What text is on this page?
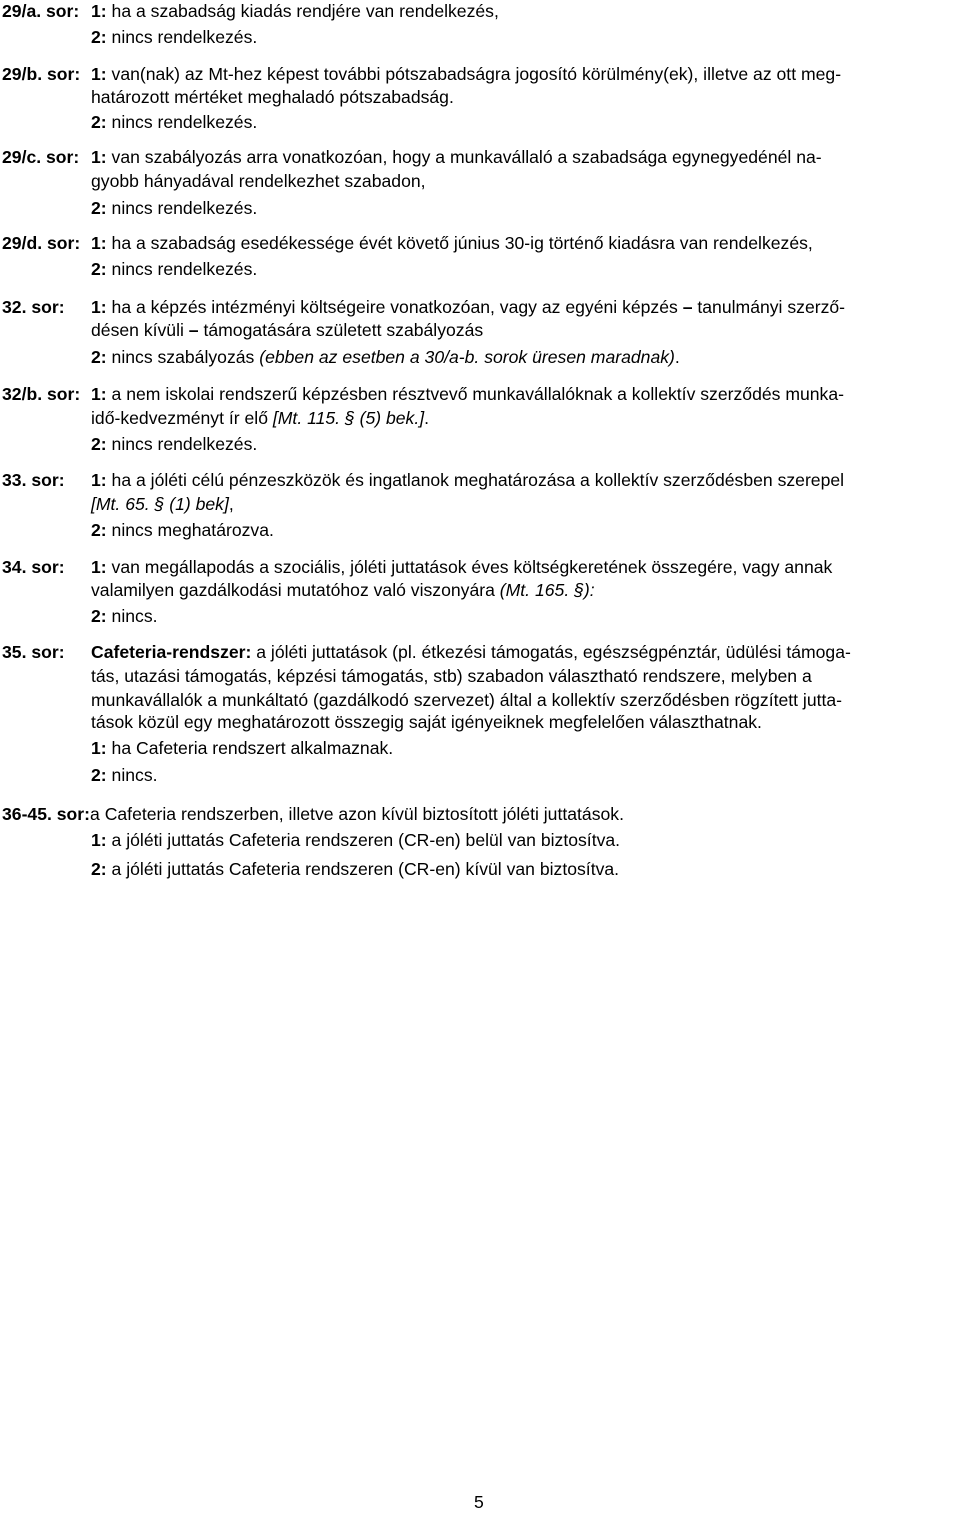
29/a. sor: 1: ha a szabadság kiadás rendjére van rendelkezés,
2: nincs rendelkezés.
29/b. sor: 1: van(nak) az Mt-hez képest további pótszabadságra jogosító körülmény(ek), illetve az ott meg-
határozott mértéket meghaladó pótszabadság.
2: nincs rendelkezés.
29/c. sor: 1: van szabályozás arra vonatkozóan, hogy a munkavállaló a szabadsága egynegyedénél na-
gyobb hányadával rendelkezhet szabadon,
2: nincs rendelkezés.
29/d. sor: 1: ha a szabadság esedékessége évét követő június 30-ig történő kiadásra van rendelkezés,
2: nincs rendelkezés.
32. sor: 1: ha a képzés intézményi költségeire vonatkozóan, vagy az egyéni képzés – tanulmányi szerző-
désen kívüli – támogatására született szabályozás
2: nincs szabályozás (ebben az esetben a 30/a-b. sorok üresen maradnak).
32/b. sor: 1: a nem iskolai rendszerű képzésben résztvevő munkavállalóknak a kollektív szerződés munka-
idő-kedvezményt ír elő [Mt. 115. § (5) bek.].
2: nincs rendelkezés.
33. sor: 1: ha a jóléti célú pénzeszközök és ingatlanok meghatározása a kollektív szerződésben szerepel
[Mt. 65. § (1) bek],
2: nincs meghatározva.
34. sor: 1: van megállapodás a szociális, jóléti juttatások éves költségkeretének összegére, vagy annak
valamilyen gazdálkodási mutatóhoz való viszonyára (Mt. 165. §):
2: nincs.
35. sor: Cafeteria-rendszer: a jóléti juttatások (pl. étkezési támogatás, egészségpénztár, üdülési támoga-
tás, utazási támogatás, képzési támogatás, stb) szabadon választható rendszere, melyben a
munkavállalók a munkáltató (gazdálkodó szervezet) által a kollektív szerződésben rögzített jutta-
tások közül egy meghatározott összegig saját igényeiknek megfelelően választhatnak.
1: ha Cafeteria rendszert alkalmaznak.
2: nincs.
36-45. sor: a Cafeteria rendszerben, illetve azon kívül biztosított jóléti juttatások.
1: a jóléti juttatás Cafeteria rendszeren (CR-en) belül van biztosítva.
2: a jóléti juttatás Cafeteria rendszeren (CR-en) kívül van biztosítva.
5
